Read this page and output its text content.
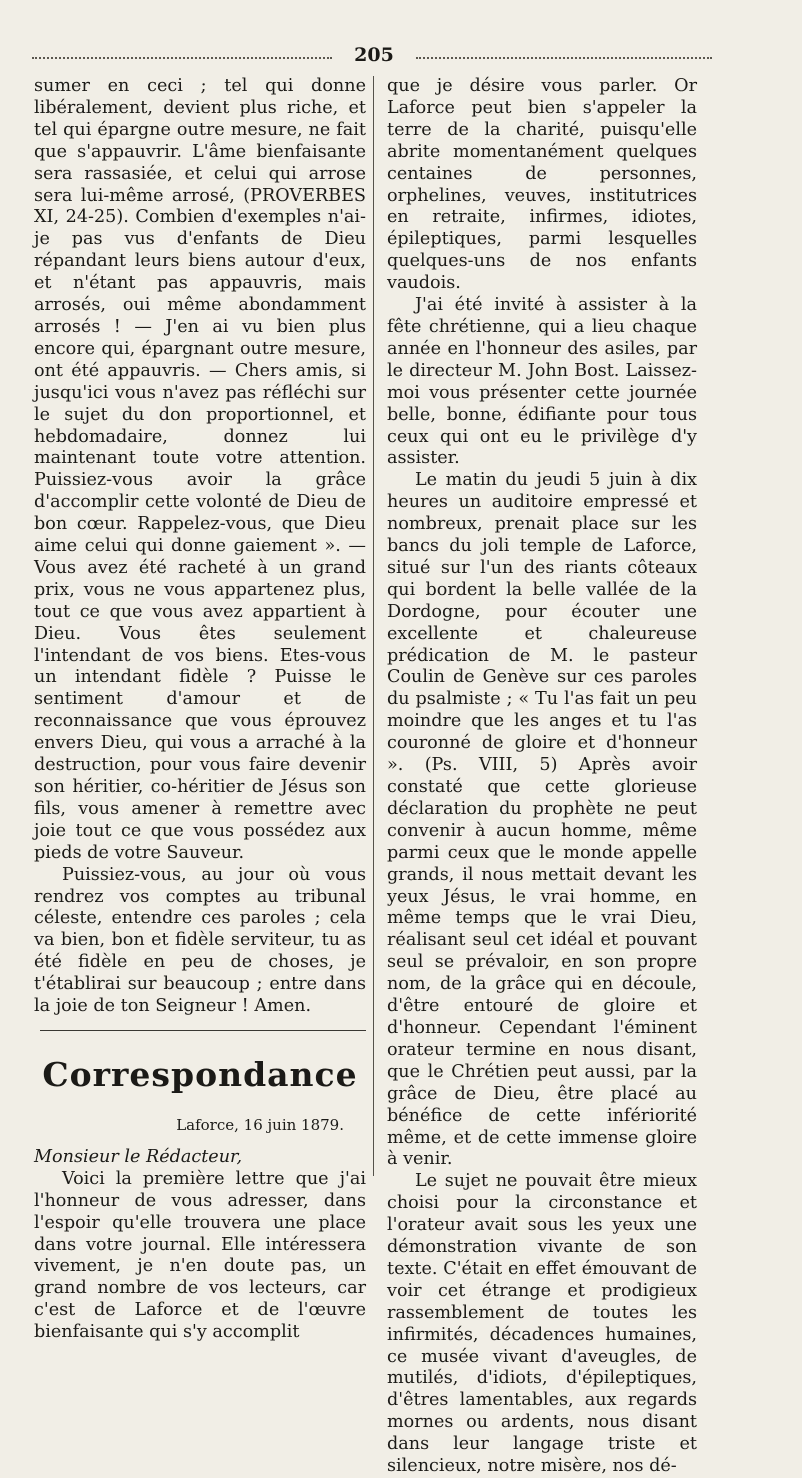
205

sumer en ceci ; tel qui donne libéralement, devient plus riche, et tel qui épargne outre mesure, ne fait que s'appauvrir. L'âme bienfaisante sera rassasiée, et celui qui arrose sera lui-même arrosé, (PROVERBES XI, 24-25). Combien d'exemples n'ai-je pas vus d'enfants de Dieu répandant leurs biens autour d'eux, et n'étant pas appauvris, mais arrosés, oui même abondamment arrosés ! — J'en ai vu bien plus encore qui, épargnant outre mesure, ont été appauvris. — Chers amis, si jusqu'ici vous n'avez pas réfléchi sur le sujet du don proportionnel, et hebdomadaire, donnez lui maintenant toute votre attention. Puissiez-vous avoir la grâce d'accomplir cette volonté de Dieu de bon cœur. Rappelez-vous, que Dieu aime celui qui donne gaiement ». — Vous avez été racheté à un grand prix, vous ne vous appartenez plus, tout ce que vous avez appartient à Dieu. Vous êtes seulement l'intendant de vos biens. Etes-vous un intendant fidèle ? Puisse le sentiment d'amour et de reconnaissance que vous éprouvez envers Dieu, qui vous a arraché à la destruction, pour vous faire devenir son héritier, co-héritier de Jésus son fils, vous amener à remettre avec joie tout ce que vous possédez aux pieds de votre Sauveur.

Puissiez-vous, au jour où vous rendrez vos comptes au tribunal céleste, entendre ces paroles ; cela va bien, bon et fidèle serviteur, tu as été fidèle en peu de choses, je t'établirai sur beaucoup ; entre dans la joie de ton Seigneur ! Amen.

Correspondance
Laforce, 16 juin 1879.

Monsieur le Rédacteur,

Voici la première lettre que j'ai l'honneur de vous adresser, dans l'espoir qu'elle trouvera une place dans votre journal. Elle intéressera vivement, je n'en doute pas, un grand nombre de vos lecteurs, car c'est de Laforce et de l'œuvre bienfaisante qui s'y accomplit

que je désire vous parler. Or Laforce peut bien s'appeler la terre de la charité, puisqu'elle abrite momentanément quelques centaines de personnes, orphelines, veuves, institutrices en retraite, infirmes, idiotes, épileptiques, parmi lesquelles quelques-uns de nos enfants vaudois.

J'ai été invité à assister à la fête chrétienne, qui a lieu chaque année en l'honneur des asiles, par le directeur M. John Bost. Laissez-moi vous présenter cette journée belle, bonne, édifiante pour tous ceux qui ont eu le privilège d'y assister.

Le matin du jeudi 5 juin à dix heures un auditoire empressé et nombreux, prenait place sur les bancs du joli temple de Laforce, situé sur l'un des riants côteaux qui bordent la belle vallée de la Dordogne, pour écouter une excellente et chaleureuse prédication de M. le pasteur Coulin de Genève sur ces paroles du psalmiste ; « Tu l'as fait un peu moindre que les anges et tu l'as couronné de gloire et d'honneur ». (Ps. VIII, 5) Après avoir constaté que cette glorieuse déclaration du prophète ne peut convenir à aucun homme, même parmi ceux que le monde appelle grands, il nous mettait devant les yeux Jésus, le vrai homme, en même temps que le vrai Dieu, réalisant seul cet idéal et pouvant seul se prévaloir, en son propre nom, de la grâce qui en découle, d'être entouré de gloire et d'honneur. Cependant l'éminent orateur termine en nous disant, que le Chrétien peut aussi, par la grâce de Dieu, être placé au bénéfice de cette infériorité même, et de cette immense gloire à venir.

Le sujet ne pouvait être mieux choisi pour la circonstance et l'orateur avait sous les yeux une démonstration vivante de son texte. C'était en effet émouvant de voir cet étrange et prodigieux rassemblement de toutes les infirmités, décadences humaines, ce musée vivant d'aveugles, de mutilés, d'idiots, d'épileptiques, d'êtres lamentables, aux regards mornes ou ardents, nous disant dans leur langage triste et silencieux, notre misère, nos dé-
